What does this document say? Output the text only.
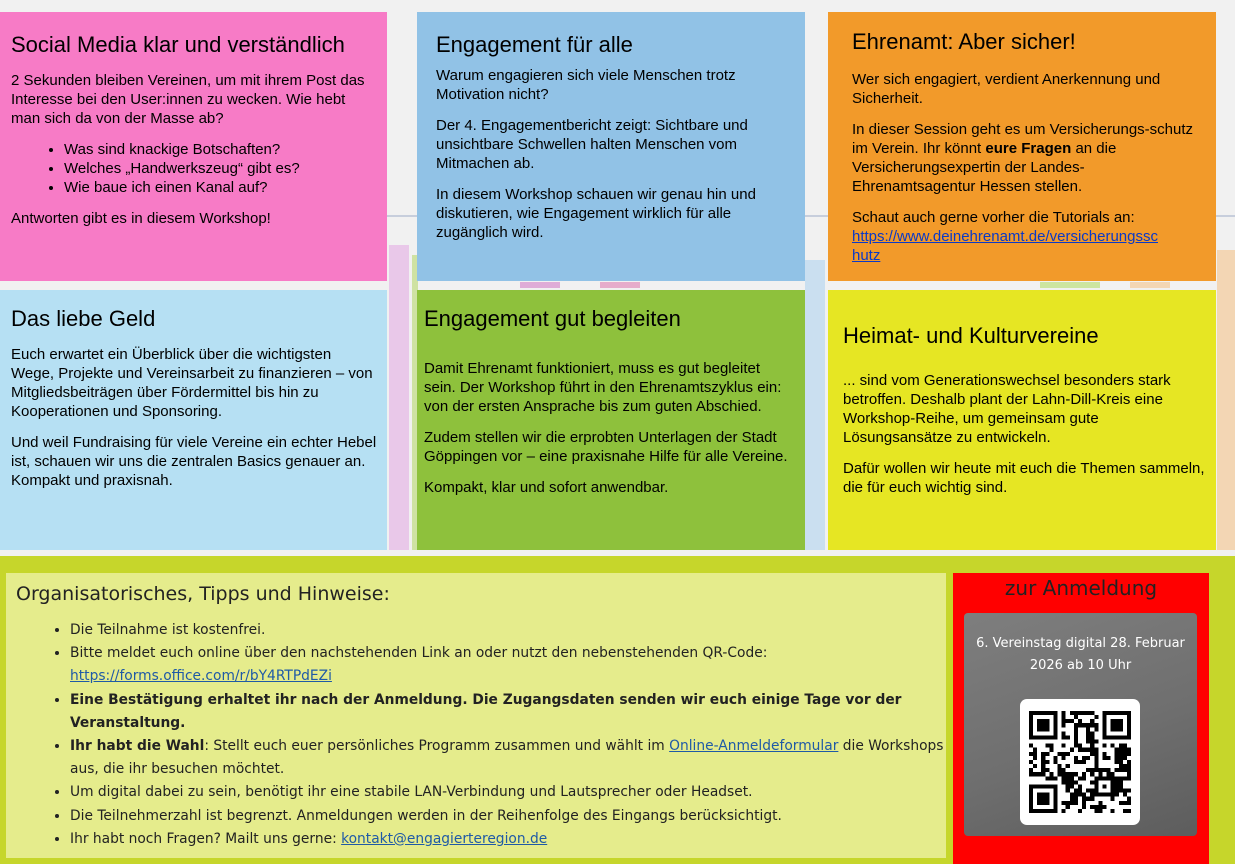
Social Media klar und verständlich

2 Sekunden bleiben Vereinen, um mit ihrem Post das Interesse bei den User:innen zu wecken. Wie hebt man sich da von der Masse ab?

• Was sind knackige Botschaften?
• Welches „Handwerkszeug“ gibt es?
• Wie baue ich einen Kanal auf?

Antworten gibt es in diesem Workshop!

Engagement für alle

Warum engagieren sich viele Menschen trotz Motivation nicht?

Der 4. Engagementbericht zeigt: Sichtbare und unsichtbare Schwellen halten Menschen vom Mitmachen ab.

In diesem Workshop schauen wir genau hin und diskutieren, wie Engagement wirklich für alle zugänglich wird.

Ehrenamt: Aber sicher!

Wer sich engagiert, verdient Anerkennung und Sicherheit.

In dieser Session geht es um Versicherungs-schutz im Verein. Ihr könnt eure Fragen an die Versicherungsexpertin der Landes-Ehrenamtsagentur Hessen stellen.

Schaut auch gerne vorher die Tutorials an:
https://www.deinehrenamt.de/versicherungssc
hutz

Das liebe Geld

Euch erwartet ein Überblick über die wichtigsten Wege, Projekte und Vereinsarbeit zu finanzieren – von Mitgliedsbeiträgen über Fördermittel bis hin zu Kooperationen und Sponsoring.

Und weil Fundraising für viele Vereine ein echter Hebel ist, schauen wir uns die zentralen Basics genauer an. Kompakt und praxisnah.

Engagement gut begleiten

Damit Ehrenamt funktioniert, muss es gut begleitet sein. Der Workshop führt in den Ehrenamtszyklus ein: von der ersten Ansprache bis zum guten Abschied.

Zudem stellen wir die erprobten Unterlagen der Stadt Göppingen vor – eine praxisnahe Hilfe für alle Vereine.

Kompakt, klar und sofort anwendbar.

Heimat- und Kulturvereine

... sind vom Generationswechsel besonders stark betroffen. Deshalb plant der Lahn-Dill-Kreis eine Workshop-Reihe, um gemeinsam gute Lösungsansätze zu entwickeln.

Dafür wollen wir heute mit euch die Themen sammeln, die für euch wichtig sind.

Organisatorisches, Tipps und Hinweise:
• Die Teilnahme ist kostenfrei.
• Bitte meldet euch online über den nachstehenden Link an oder nutzt den nebenstehenden QR-Code:
https://forms.office.com/r/bY4RTPdEZi
• Eine Bestätigung erhaltet ihr nach der Anmeldung. Die Zugangsdaten senden wir euch einige Tage vor der Veranstaltung.
• Ihr habt die Wahl: Stellt euch euer persönliches Programm zusammen und wählt im Online-Anmeldeformular die Workshops aus, die ihr besuchen möchtet.
• Um digital dabei zu sein, benötigt ihr eine stabile LAN-Verbindung und Lautsprecher oder Headset.
• Die Teilnehmerzahl ist begrenzt. Anmeldungen werden in der Reihenfolge des Eingangs berücksichtigt.
• Ihr habt noch Fragen? Mailt uns gerne: kontakt@engagierteregion.de
zur Anmeldung
6. Vereinstag digital 28. Februar
2026 ab 10 Uhr
